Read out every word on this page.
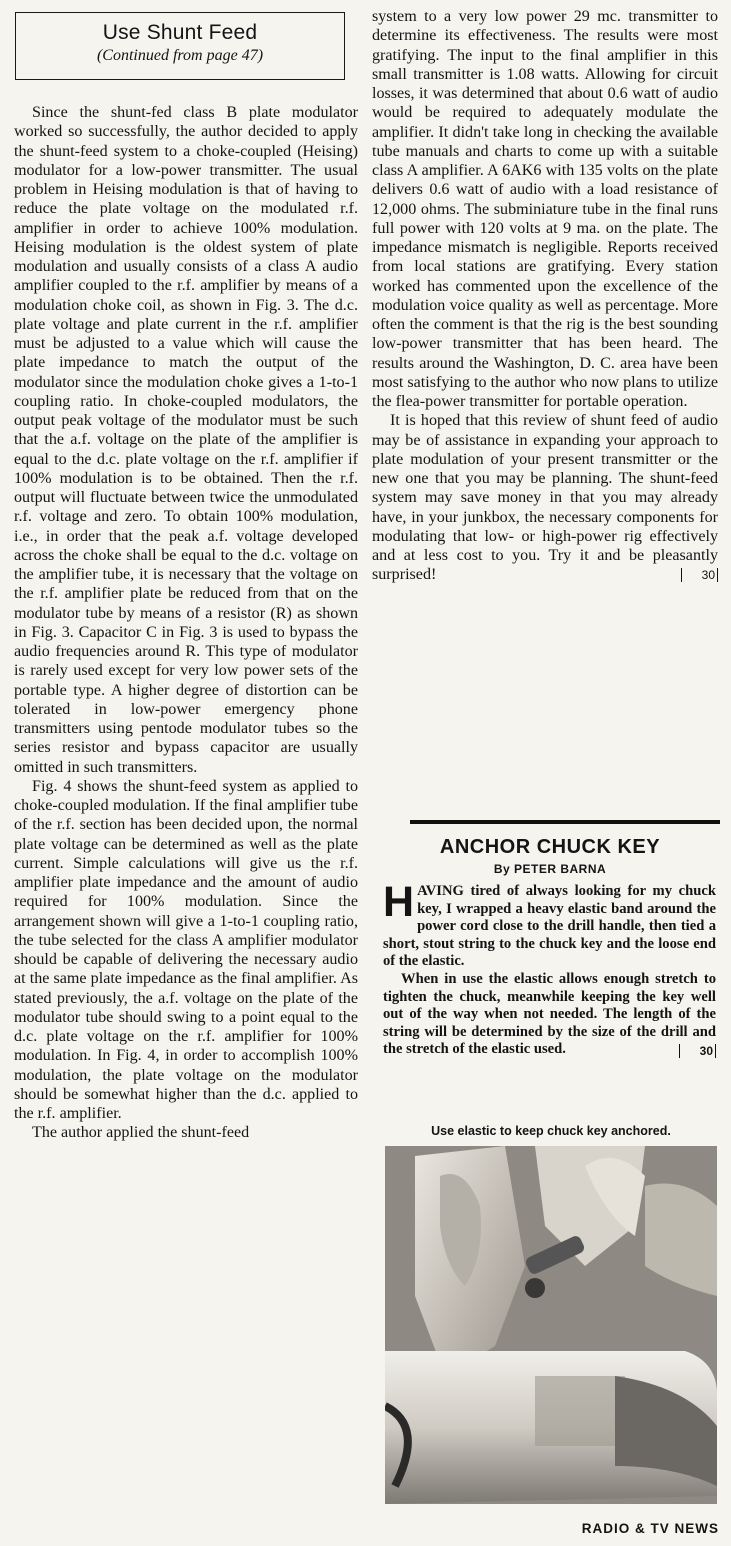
Use Shunt Feed
(Continued from page 47)

Since the shunt-fed class B plate modulator worked so successfully, the author decided to apply the shunt-feed system to a choke-coupled (Heising) modulator for a low-power transmitter. The usual problem in Heising modulation is that of having to reduce the plate voltage on the modulated r.f. amplifier in order to achieve 100% modulation. Heising modulation is the oldest system of plate modulation and usually consists of a class A audio amplifier coupled to the r.f. amplifier by means of a modulation choke coil, as shown in Fig. 3. The d.c. plate voltage and plate current in the r.f. amplifier must be adjusted to a value which will cause the plate impedance to match the output of the modulator since the modulation choke gives a 1-to-1 coupling ratio. In choke-coupled modulators, the output peak voltage of the modulator must be such that the a.f. voltage on the plate of the amplifier is equal to the d.c. plate voltage on the r.f. amplifier if 100% modulation is to be obtained. Then the r.f. output will fluctuate between twice the unmodulated r.f. voltage and zero. To obtain 100% modulation, i.e., in order that the peak a.f. voltage developed across the choke shall be equal to the d.c. voltage on the amplifier tube, it is necessary that the voltage on the r.f. amplifier plate be reduced from that on the modulator tube by means of a resistor (R) as shown in Fig. 3. Capacitor C in Fig. 3 is used to bypass the audio frequencies around R. This type of modulator is rarely used except for very low power sets of the portable type. A higher degree of distortion can be tolerated in low-power emergency phone transmitters using pentode modulator tubes so the series resistor and bypass capacitor are usually omitted in such transmitters.

Fig. 4 shows the shunt-feed system as applied to choke-coupled modulation. If the final amplifier tube of the r.f. section has been decided upon, the normal plate voltage can be determined as well as the plate current. Simple calculations will give us the r.f. amplifier plate impedance and the amount of audio required for 100% modulation. Since the arrangement shown will give a 1-to-1 coupling ratio, the tube selected for the class A amplifier modulator should be capable of delivering the necessary audio at the same plate impedance as the final amplifier. As stated previously, the a.f. voltage on the plate of the modulator tube should swing to a point equal to the d.c. plate voltage on the r.f. amplifier for 100% modulation. In Fig. 4, in order to accomplish 100% modulation, the plate voltage on the modulator should be somewhat higher than the d.c. applied to the r.f. amplifier.

The author applied the shunt-feed

system to a very low power 29 mc. transmitter to determine its effectiveness. The results were most gratifying. The input to the final amplifier in this small transmitter is 1.08 watts. Allowing for circuit losses, it was determined that about 0.6 watt of audio would be required to adequately modulate the amplifier. It didn't take long in checking the available tube manuals and charts to come up with a suitable class A amplifier. A 6AK6 with 135 volts on the plate delivers 0.6 watt of audio with a load resistance of 12,000 ohms. The subminiature tube in the final runs full power with 120 volts at 9 ma. on the plate. The impedance mismatch is negligible. Reports received from local stations are gratifying. Every station worked has commented upon the excellence of the modulation voice quality as well as percentage. More often the comment is that the rig is the best sounding low-power transmitter that has been heard. The results around the Washington, D. C. area have been most satisfying to the author who now plans to utilize the flea-power transmitter for portable operation.

It is hoped that this review of shunt feed of audio may be of assistance in expanding your approach to plate modulation of your present transmitter or the new one that you may be planning. The shunt-feed system may save money in that you may already have, in your junkbox, the necessary components for modulating that low- or high-power rig effectively and at less cost to you. Try it and be pleasantly surprised!	30

ANCHOR CHUCK KEY
By PETER BARNA

HAVING tired of always looking for my chuck key, I wrapped a heavy elastic band around the power cord close to the drill handle, then tied a short, stout string to the chuck key and the loose end of the elastic.

When in use the elastic allows enough stretch to tighten the chuck, meanwhile keeping the key well out of the way when not needed. The length of the string will be determined by the size of the drill and the stretch of the elastic used.	30

Use elastic to keep chuck key anchored.
RADIO & TV NEWS
